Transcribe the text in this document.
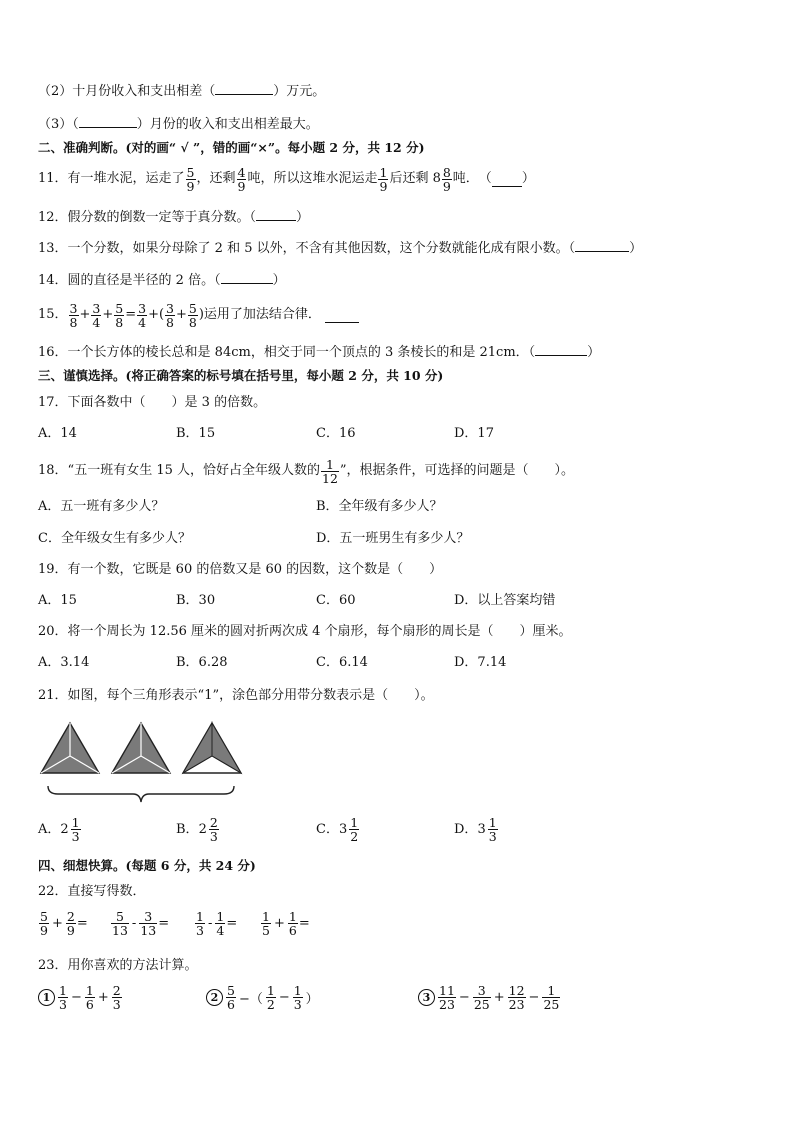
（2）十月份收入和支出相差（	）万元。
（3）（	）月份的收入和支出相差最大。
二、准确判断。(对的画“ √ ”，错的画“×”。每小题 2 分，共 12 分)
11．有一堆水泥，运走了 $\frac{5}{9}$ ，还剩 $\frac{4}{9}$ 吨，所以这堆水泥运走 $\frac{1}{9}$ 后还剩 $8 \frac{8}{9}$ 吨．　（ ）
12．假分数的倒数一定等于真分数。（	）
13．一个分数，如果分母除了 2 和 5 以外，不含有其他因数，这个分数就能化成有限小数。（	）
14．圆的直径是半径的 2 倍。（	）
15． $\frac{3}{8} + \frac{3}{4} + \frac{5}{8} = \frac{3}{4}$ +( $\frac{3}{8} + \frac{5}{8}$ )运用了加法结合律．
16．一个长方体的棱长总和是 84cm，相交于同一个顶点的 3 条棱长的和是 21cm．（	）
三、谨慎选择。(将正确答案的标号填在括号里，每小题 2 分，共 10 分)
17．下面各数中（　　）是 3 的倍数。
A．14	B．15	C．16	D．17
18．“五一班有女生 15 人，恰好占全年级人数的 $\frac{1}{12}$ ”，根据条件，可选择的问题是（　　）。
A．五一班有多少人？	B．全年级有多少人？
C．全年级女生有多少人？	D．五一班男生有多少人？
19．有一个数，它既是 60 的倍数又是 60 的因数，这个数是（　　）
A．15	B．30	C．60	D．以上答案均错
20．将一个周长为 12.56 厘米的圆对折两次成 4 个扇形，每个扇形的周长是（　　）厘米。
A．3.14	B．6.28	C．6.14	D．7.14
21．如图，每个三角形表示“1”，涂色部分用带分数表示是（　　）。
A． $2 \frac{1}{3}$	B． $2 \frac{2}{3}$	C． $3 \frac{1}{2}$	D． $3 \frac{1}{3}$
四、细想快算。(每题 6 分，共 24 分)
22．直接写得数．
$\frac{5}{9} + \frac{2}{9} = \frac{5}{13} - \frac{3}{13} = \frac{1}{3} - \frac{1}{4} = \frac{1}{5} + \frac{1}{6}$ =
23．用你喜欢的方法计算。
$1 \frac{1}{3} - \frac{1}{6} + \frac{2}{3}$	$2 \frac{5}{6}$ −（ $\frac{1}{2} - \frac{1}{3}$ ）	$3 \frac{11}{23} - \frac{3}{25} + \frac{12}{23} - \frac{1}{25}$
